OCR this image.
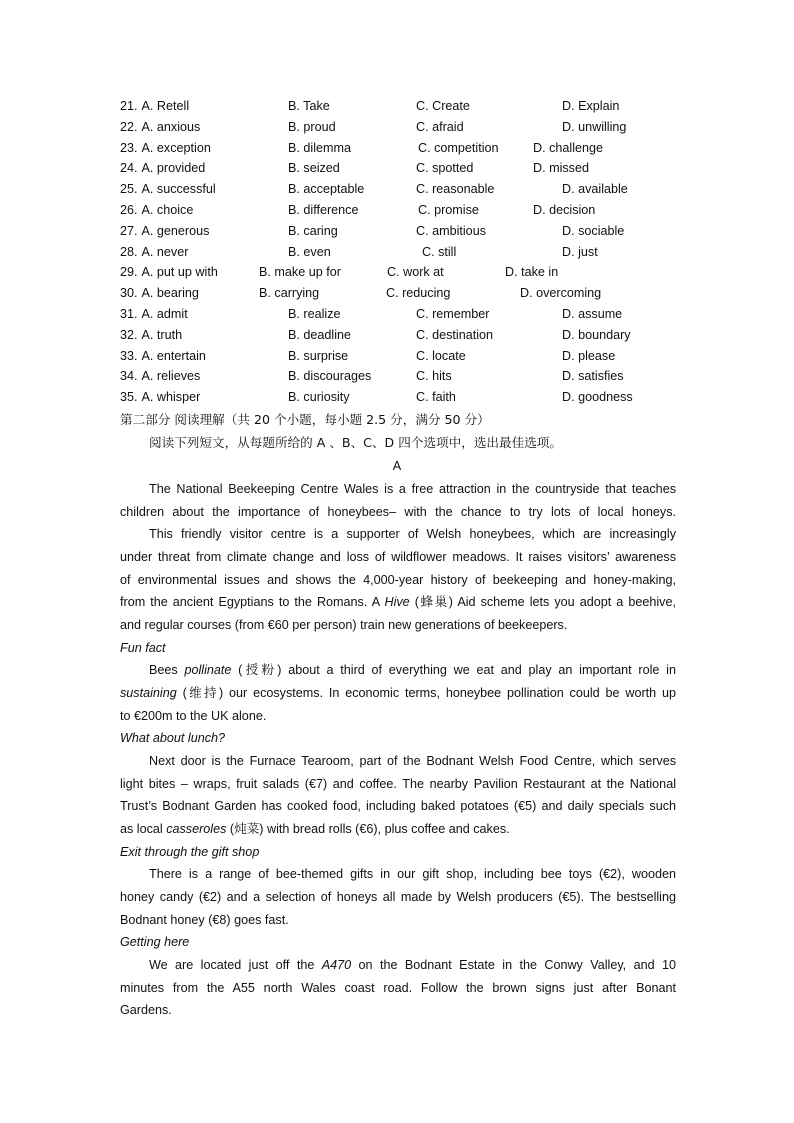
21. A. Retell	B. Take	C. Create	D. Explain
22. A. anxious	B. proud	C. afraid	D. unwilling
23. A. exception	B. dilemma	C. competition	D. challenge
24. A. provided	B. seized	C. spotted	D. missed
25. A. successful	B. acceptable	C. reasonable	D. available
26. A. choice	B. difference	C. promise	D. decision
27. A. generous	B. caring	C. ambitious	D. sociable
28. A. never	B. even	C. still	D. just
29. A. put up with	B. make up for	C. work at	D. take in
30. A. bearing	B. carrying	C. reducing	D. overcoming
31. A. admit	B. realize	C. remember	D. assume
32. A. truth	B. deadline	C. destination	D. boundary
33. A. entertain	B. surprise	C. locate	D. please
34. A. relieves	B. discourages	C. hits	D. satisfies
35. A. whisper	B. curiosity	C. faith	D. goodness
第二部分 阅读理解（共 20 个小题，每小题 2.5 分，满分 50 分）
阅读下列短文，从每题所给的 A 、B、C、D 四个选项中，选出最佳选项。
A
The National Beekeeping Centre Wales is a free attraction in the countryside that teaches
children about the importance of honeybees– with the chance to try lots of local honeys.
This friendly visitor centre is a supporter of Welsh honeybees, which are increasingly
under threat from climate change and loss of wildflower meadows. It raises visitors’ awareness
of environmental issues and shows the 4,000-year history of beekeeping and honey-making,
from the ancient Egyptians to the Romans. A Hive (蜂巢) Aid scheme lets you adopt a beehive,
and regular courses (from €60 per person) train new generations of beekeepers.
Fun fact
Bees pollinate (授粉) about a third of everything we eat and play an important role in
sustaining (维持) our ecosystems. In economic terms, honeybee pollination could be worth up
to €200m to the UK alone.
What about lunch?
Next door is the Furnace Tearoom, part of the Bodnant Welsh Food Centre, which serves
light bites – wraps, fruit salads (€7) and coffee. The nearby Pavilion Restaurant at the National
Trust’s Bodnant Garden has cooked food, including baked potatoes (€5) and daily specials such
as local casseroles (炖菜) with bread rolls (€6), plus coffee and cakes.
Exit through the gift shop
There is a range of bee-themed gifts in our gift shop, including bee toys (€2), wooden
honey candy (€2) and a selection of honeys all made by Welsh producers (€5). The bestselling
Bodnant honey (€8) goes fast.
Getting here
We are located just off the A470 on the Bodnant Estate in the Conwy Valley, and 10
minutes from the A55 north Wales coast road. Follow the brown signs just after Bonant
Gardens.
